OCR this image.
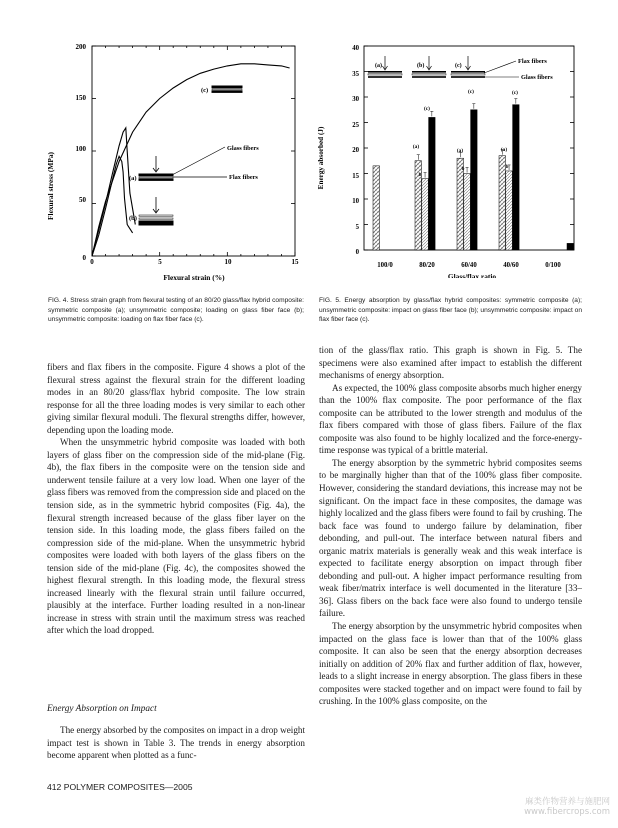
Flexural stress (MPa)
Flexural strain (%)
0
50
100
150
200
0	5	10	15
(c)
(a)
(b)
Glass fibers
Flax fibers	Energy absorbed (J)
Glass/flax ratio
0
5
10
15
20
25
30
35
40
100/0	80/20	60/40	40/60	0/100
(a)	(b)	(c)
Flax fibers
Glass fibers
(c)
(c)	(c)
(a)
(a)	(a)
b
b	b
FIG. 4. Stress strain graph from flexural testing of an 80/20 glass/flax hybrid composite: symmetric composite (a); unsymmetric composite; loading on glass fiber face (b); unsymmetric composite: loading on flax fiber face (c).
FIG. 5. Energy absorption by glass/flax hybrid composites: symmetric composite (a); unsymmetric composite: impact on glass fiber face (b); unsymmetric composite: impact on flax fiber face (c).

fibers and flax fibers in the composite. Figure 4 shows a plot of the flexural stress against the flexural strain for the different loading modes in an 80/20 glass/flax hybrid composite. The low strain response for all the three loading modes is very similar to each other giving similar flexural moduli. The flexural strengths differ, however, depending upon the loading mode.

When the unsymmetric hybrid composite was loaded with both layers of glass fiber on the compression side of the mid-plane (Fig. 4b), the flax fibers in the composite were on the tension side and underwent tensile failure at a very low load. When one layer of the glass fibers was removed from the compression side and placed on the tension side, as in the symmetric hybrid composites (Fig. 4a), the flexural strength increased because of the glass fiber layer on the tension side. In this loading mode, the glass fibers failed on the compression side of the mid-plane. When the unsymmetric hybrid composites were loaded with both layers of the glass fibers on the tension side of the mid-plane (Fig. 4c), the composites showed the highest flexural strength. In this loading mode, the flexural stress increased linearly with the flexural strain until failure occurred, plausibly at the interface. Further loading resulted in a non-linear increase in stress with strain until the maximum stress was reached after which the load dropped.

Energy Absorption on Impact

The energy absorbed by the composites on impact in a drop weight impact test is shown in Table 3. The trends in energy absorption become apparent when plotted as a func-

tion of the glass/flax ratio. This graph is shown in Fig. 5. The specimens were also examined after impact to establish the different mechanisms of energy absorption.

As expected, the 100% glass composite absorbs much higher energy than the 100% flax composite. The poor performance of the flax composite can be attributed to the lower strength and modulus of the flax fibers compared with those of glass fibers. Failure of the flax composite was also found to be highly localized and the force-energy-time response was typical of a brittle material.

The energy absorption by the symmetric hybrid composites seems to be marginally higher than that of the 100% glass fiber composite. However, considering the standard deviations, this increase may not be significant. On the impact face in these composites, the damage was highly localized and the glass fibers were found to fail by crushing. The back face was found to undergo failure by delamination, fiber debonding, and pull-out. The interface between natural fibers and organic matrix materials is generally weak and this weak interface is expected to facilitate energy absorption on impact through fiber debonding and pull-out. A higher impact performance resulting from weak fiber/matrix interface is well documented in the literature [33–36]. Glass fibers on the back face were also found to undergo tensile failure.

The energy absorption by the unsymmetric hybrid composites when impacted on the glass face is lower than that of the 100% glass composite. It can also be seen that the energy absorption decreases initially on addition of 20% flax and further addition of flax, however, leads to a slight increase in energy absorption. The glass fibers in these composites were stacked together and on impact were found to fail by crushing. In the 100% glass composite, on the

412 POLYMER COMPOSITES—2005
麻类作物营养与施肥网
www.fibercrops.com
